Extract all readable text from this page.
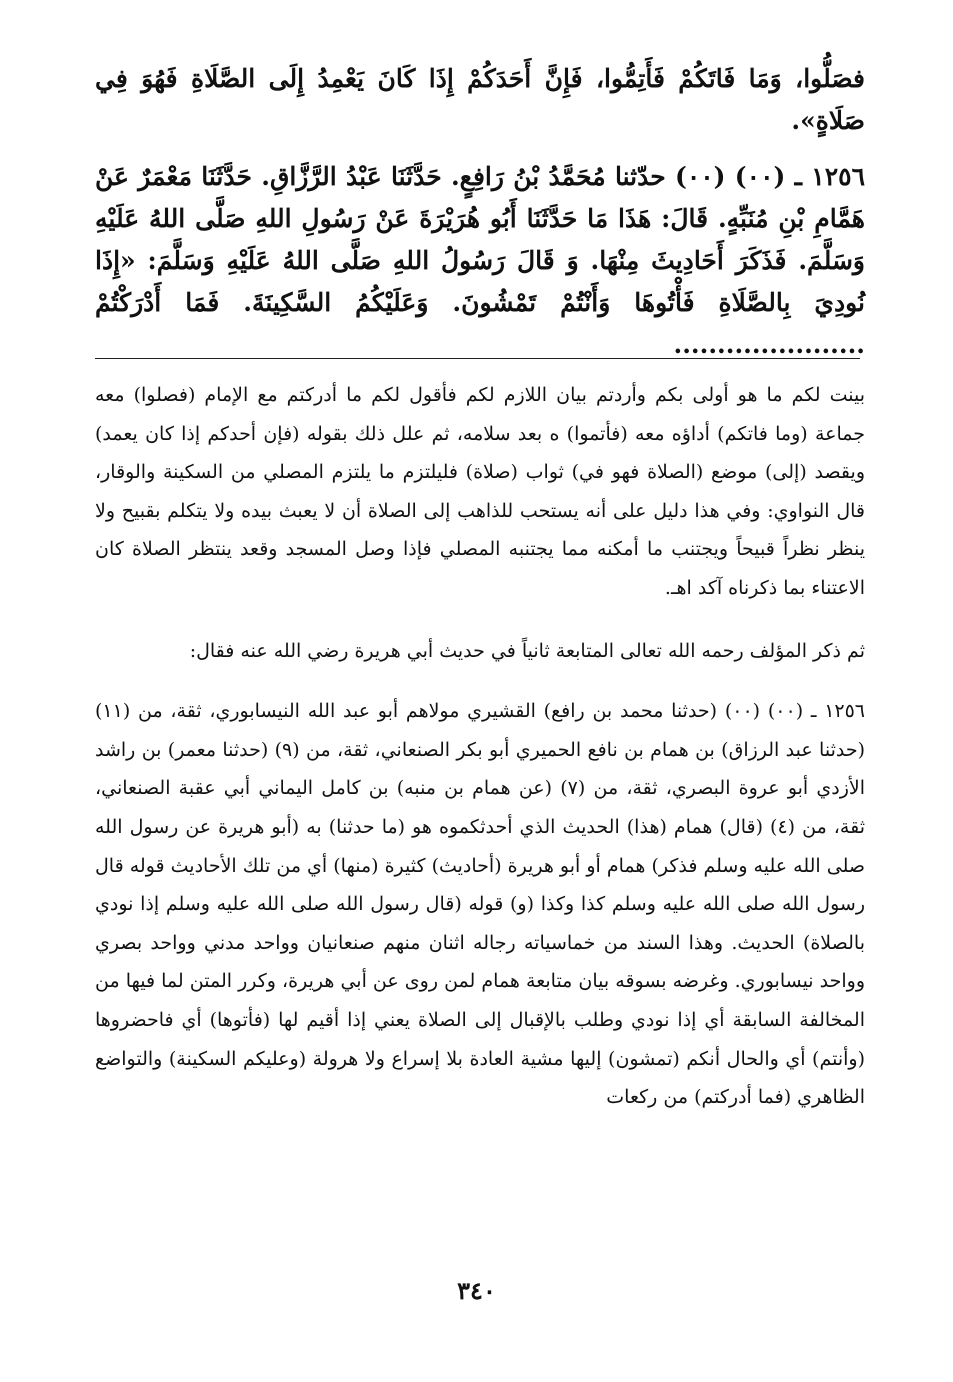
فصَلُّوا، وَمَا فَاتَكُمْ فَأَتِمُّوا، فَإِنَّ أَحَدَكُمْ إِذَا كَانَ يَعْمِدُ إِلَى الصَّلَاةِ فَهُوَ فِي صَلَاةٍ».

١٢٥٦ ـ (٠٠) (٠٠) حدّثنا مُحَمَّدُ بْنُ رَافِعٍ. حَدَّثَنَا عَبْدُ الرَّزَّاقِ. حَدَّثَنَا مَعْمَرٌ عَنْ هَمَّامِ بْنِ مُنَبِّهٍ. قَالَ: هَذَا مَا حَدَّثَنَا أَبُو هُرَيْرَةَ عَنْ رَسُولِ اللهِ صَلَّى اللهُ عَلَيْهِ وَسَلَّمَ. فَذَكَرَ أَحَادِيثَ مِنْهَا. وَ قَالَ رَسُولُ اللهِ صَلَّى اللهُ عَلَيْهِ وَسَلَّمَ: «إِذَا نُودِيَ بِالصَّلَاةِ فَأْتُوهَا وَأَنْتُمْ تَمْشُونَ. وَعَلَيْكُمُ السَّكِينَةَ. فَمَا أَدْرَكْتُمْ ......................

بينت لكم ما هو أولى بكم وأردتم بيان اللازم لكم فأقول لكم ما أدركتم مع الإمام (فصلوا) معه جماعة (وما فاتكم) أداؤه معه (فأتموا) ه بعد سلامه، ثم علل ذلك بقوله (فإن أحدكم إذا كان يعمد) ويقصد (إلى) موضع (الصلاة فهو في) ثواب (صلاة) فليلتزم ما يلتزم المصلي من السكينة والوقار، قال النواوي: وفي هذا دليل على أنه يستحب للذاهب إلى الصلاة أن لا يعبث بيده ولا يتكلم بقبيح ولا ينظر نظراً قبيحاً ويجتنب ما أمكنه مما يجتنبه المصلي فإذا وصل المسجد وقعد ينتظر الصلاة كان الاعتناء بما ذكرناه آكد اهـ.

ثم ذكر المؤلف رحمه الله تعالى المتابعة ثانياً في حديث أبي هريرة رضي الله عنه فقال:

١٢٥٦ ـ (٠٠) (٠٠) (حدثنا محمد بن رافع) القشيري مولاهم أبو عبد الله النيسابوري، ثقة، من (١١) (حدثنا عبد الرزاق) بن همام بن نافع الحميري أبو بكر الصنعاني، ثقة، من (٩) (حدثنا معمر) بن راشد الأزدي أبو عروة البصري، ثقة، من (٧) (عن همام بن منبه) بن كامل اليماني أبي عقبة الصنعاني، ثقة، من (٤) (قال) همام (هذا) الحديث الذي أحدثكموه هو (ما حدثنا) به (أبو هريرة عن رسول الله صلى الله عليه وسلم فذكر) همام أو أبو هريرة (أحاديث) كثيرة (منها) أي من تلك الأحاديث قوله قال رسول الله صلى الله عليه وسلم كذا وكذا (و) قوله (قال رسول الله صلى الله عليه وسلم إذا نودي بالصلاة) الحديث. وهذا السند من خماسياته رجاله اثنان منهم صنعانيان وواحد مدني وواحد بصري وواحد نيسابوري. وغرضه بسوقه بيان متابعة همام لمن روى عن أبي هريرة، وكرر المتن لما فيها من المخالفة السابقة أي إذا نودي وطلب بالإقبال إلى الصلاة يعني إذا أقيم لها (فأتوها) أي فاحضروها (وأنتم) أي والحال أنكم (تمشون) إليها مشية العادة بلا إسراع ولا هرولة (وعليكم السكينة) والتواضع الظاهري (فما أدركتم) من ركعات

٣٤٠
